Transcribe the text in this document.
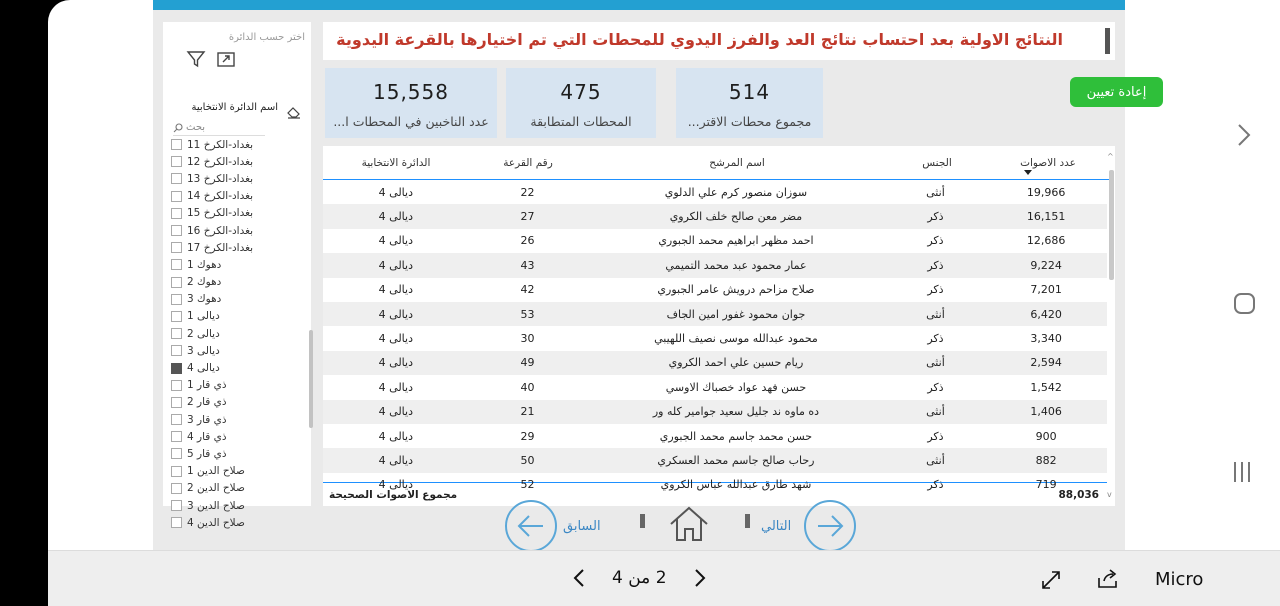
اختر حسب الدائرة
اسم الدائرة الانتخابية
بحث
بغداد-الكرخ 11
بغداد-الكرخ 12
بغداد-الكرخ 13
بغداد-الكرخ 14
بغداد-الكرخ 15
بغداد-الكرخ 16
بغداد-الكرخ 17
دهوك 1
دهوك 2
دهوك 3
ديالى 1
ديالى 2
ديالى 3
ديالى 4
ذي قار 1
ذي قار 2
ذي قار 3
ذي قار 4
ذي قار 5
صلاح الدين 1
صلاح الدين 2
صلاح الدين 3
صلاح الدين 4
النتائج الاولية بعد احتساب نتائج العد والفرز اليدوي للمحطات التي تم اختيارها بالقرعة اليدوية
15,558
عدد الناخبين في المحطات ا...
475
المحطات المتطابقة
514
مجموع محطات الاقتر...
إعادة تعيين
الدائرة الانتخابية	رقم القرعة	اسم المرشح	الجنس	عدد الاصوات
ديالى 4	22	سوزان منصور كرم علي الدلوي	أنثى	19,966
ديالى 4	27	مضر معن صالح خلف الكروي	ذكر	16,151
ديالى 4	26	احمد مظهر ابراهيم محمد الجبوري	ذكر	12,686
ديالى 4	43	عمار محمود عبد محمد التميمي	ذكر	9,224
ديالى 4	42	صلاح مزاحم درويش عامر الجبوري	ذكر	7,201
ديالى 4	53	جوان محمود غفور امين الجاف	أنثى	6,420
ديالى 4	30	محمود عبدالله موسى نصيف اللهيبي	ذكر	3,340
ديالى 4	49	ريام حسين علي احمد الكروي	أنثى	2,594
ديالى 4	40	حسن فهد عواد خصباك الاوسي	ذكر	1,542
ديالى 4	21	ده ماوه ند جليل سعيد جوامير كله ور	أنثى	1,406
ديالى 4	29	حسن محمد جاسم محمد الجبوري	ذكر	900
ديالى 4	50	رحاب صالح جاسم محمد العسكري	أنثى	882
ديالى 4	52	شهد طارق عبدالله عباس الكروي	ذكر	719
مجموع الاصوات الصحيحة	88,036
^
v
السابق	التالي
2 من 4	Micro
